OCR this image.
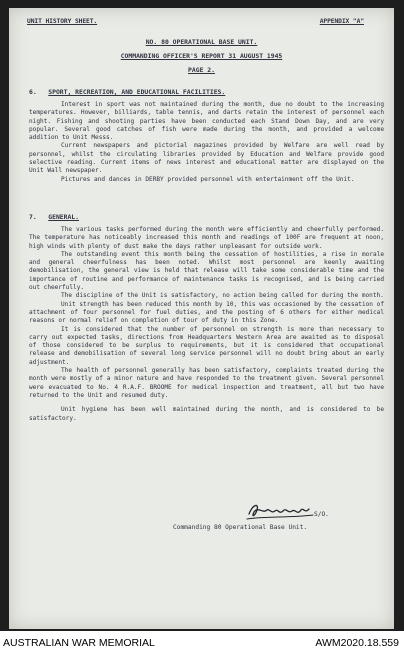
UNIT HISTORY SHEET.	APPENDIX "A"
NO. 80 OPERATIONAL BASE UNIT.
COMMANDING OFFICER'S REPORT 31 AUGUST 1945
PAGE 2.
6. SPORT, RECREATION, AND EDUCATIONAL FACILITIES.

Interest in sport was not maintained during the month, due no doubt to the increasing temperatures. However, billiards, table tennis, and darts retain the interest of personnel each night. Fishing and shooting parties have been conducted each Stand Down Day, and are very popular. Several good catches of fish were made during the month, and provided a welcome addition to Unit Messs.

Current newspapers and pictorial magazines provided by Welfare are well read by personnel, whilst the circulating libraries provided by Education and Welfare provide good selective reading. Current items of news interest and educational matter are displayed on the Unit Wall newspaper.

Pictures and dances in DERBY provided personnel with entertainment off the Unit.

7. GENERAL.

The various tasks performed during the month were efficiently and cheerfully performed. The temperature has noticeably increased this month and readings of 100F are frequent at noon, high winds with plenty of dust make the days rather unpleasant for outside work.

The outstanding event this month being the cessation of hostilities, a rise in morale and general cheerfulness has been noted. Whilst most personnel are keenly awaiting demobilisation, the general view is held that release will take some considerable time and the importance of routine and performance of maintenance tasks is recognised, and is being carried out cheerfully.

The discipline of the Unit is satisfactory, no action being called for during the month.

Unit strength has been reduced this month by 10, this was occasioned by the cessation of attachment of four personnel for fuel duties, and the posting of 6 others for either medical reasons or normal relief on completion of tour of duty in this Zone.

It is considered that the number of personnel on strength is more than necessary to carry out expected tasks, directions from Headquarters Western Area are awaited as to disposal of those considered to be surplus to requirements, but it is considered that occupational release and demobilisation of several long service personnel will no doubt bring about an early adjustment.

The health of personnel generally has been satisfactory, complaints treated during the month were mostly of a minor nature and have responded to the treatment given. Several personnel were evacuated to No. 4 R.A.F. BROOME for medical inspection and treatment, all but two have returned to the Unit and resumed duty.

Unit hygiene has been well maintained during the month, and is considered to be satisfactory.

S/O.
Commanding 80 Operational Base Unit.
AUSTRALIAN WAR MEMORIAL	AWM2020.18.559
